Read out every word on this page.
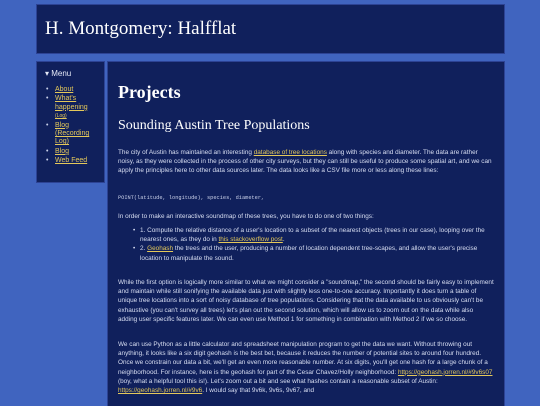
H. Montgomery: Halfflat
▾ Menu
• About
• What's happening
(Log)
• Blog (Recording Log)
• Blog
• Web Feed
Projects
Sounding Austin Tree Populations

The city of Austin has maintained an interesting database of tree locations along with species and diameter. The data are rather noisy, as they were collected in the process of other city surveys, but they can still be useful to produce some spatial art, and we can apply the principles here to other data sources later. The data looks like a CSV file more or less along these lines:

POINT(latitude, longitude), species, diameter,

In order to make an interactive soundmap of these trees, you have to do one of two things:

• 1. Compute the relative distance of a user's location to a subset of the nearest objects (trees in our case), looping over the nearest ones, as they do in this stackoverflow post.
• 2. Geohash the trees and the user, producing a number of location dependent tree-scapes, and allow the user's precise location to manipulate the sound.

While the first option is logically more similar to what we might consider a "soundmap," the second should be fairly easy to implement and maintain while still sonifying the available data just with slightly less one-to-one accuracy. Importantly it does turn a table of unique tree locations into a sort of noisy database of tree populations. Considering that the data available to us obviously can't be exhaustive (you can't survey all trees) let's plan out the second solution, which will allow us to zoom out on the data while also adding user specific features later. We can even use Method 1 for something in combination with Method 2 if we so choose.

We can use Python as a little calculator and spreadsheet manipulation program to get the data we want. Without throwing out anything, it looks like a six digit geohash is the best bet, because it reduces the number of potential sites to around four hundred. Once we constrain our data a bit, we'll get an even more reasonable number. At six digits, you'll get one hash for a large chunk of a neighborhood. For instance, here is the geohash for part of the Cesar Chavez/Holly neighborhood: https://geohash.jorren.nl/#9v6s07 (boy, what a helpful tool this is!). Let's zoom out a bit and see what hashes contain a reasonable subset of Austin: https://geohash.jorren.nl/#9v6. I would say that 9v6k, 9v6s, 9v67, and
